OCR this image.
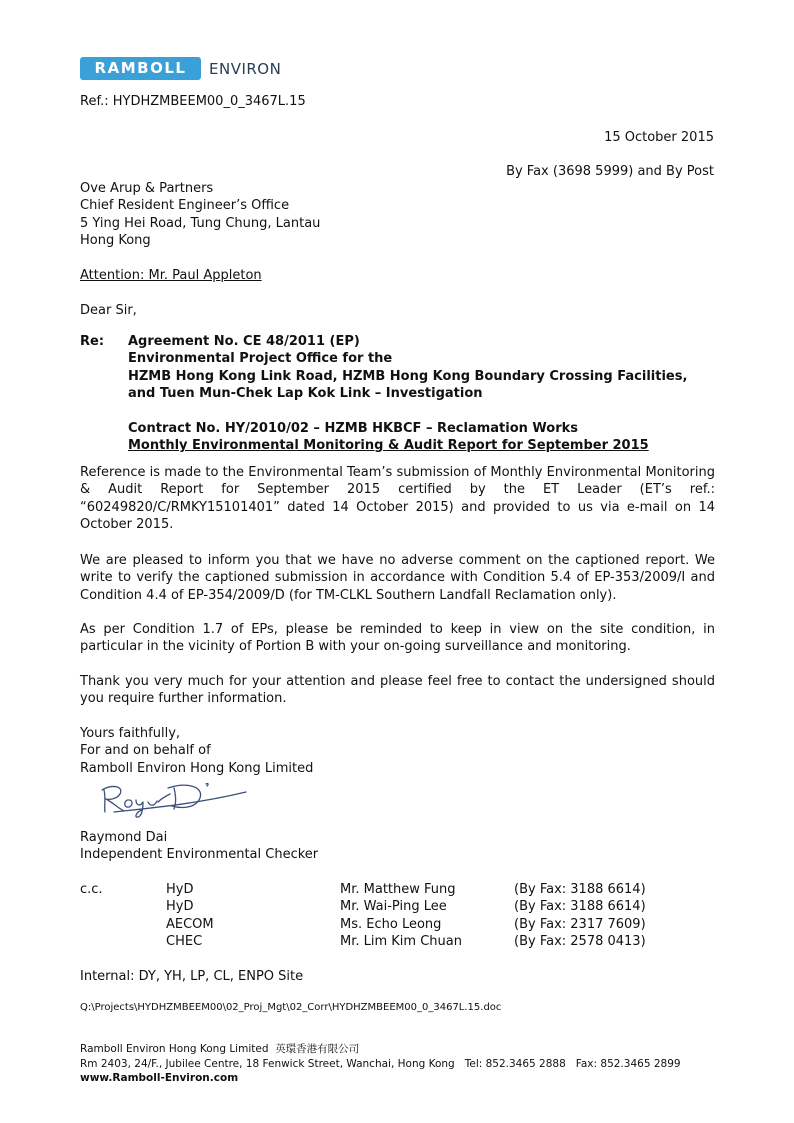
RAMBOLL	ENVIRON
Ref.: HYDHZMBEEM00_0_3467L.15
15 October 2015
By Fax (3698 5999) and By Post
Ove Arup & Partners
Chief Resident Engineer’s Office
5 Ying Hei Road, Tung Chung, Lantau
Hong Kong
Attention: Mr. Paul Appleton
Dear Sir,
Re: Agreement No. CE 48/2011 (EP)
Environmental Project Office for the
HZMB Hong Kong Link Road, HZMB Hong Kong Boundary Crossing Facilities,
and Tuen Mun-Chek Lap Kok Link – Investigation
Contract No. HY/2010/02 – HZMB HKBCF – Reclamation Works
Monthly Environmental Monitoring & Audit Report for September 2015
Reference is made to the Environmental Team’s submission of Monthly Environmental Monitoring & Audit Report for September 2015 certified by the ET Leader (ET’s ref.: “60249820/C/RMKY15101401” dated 14 October 2015) and provided to us via e-mail on 14 October 2015.
We are pleased to inform you that we have no adverse comment on the captioned report. We write to verify the captioned submission in accordance with Condition 5.4 of EP-353/2009/I and Condition 4.4 of EP-354/2009/D (for TM-CLKL Southern Landfall Reclamation only).
As per Condition 1.7 of EPs, please be reminded to keep in view on the site condition, in particular in the vicinity of Portion B with your on-going surveillance and monitoring.
Thank you very much for your attention and please feel free to contact the undersigned should you require further information.
Yours faithfully,
For and on behalf of
Ramboll Environ Hong Kong Limited
Raymond Dai
Independent Environmental Checker
c.c.	HyD
HyD
AECOM
CHEC
Mr. Matthew Fung
Mr. Wai-Ping Lee
Ms. Echo Leong
Mr. Lim Kim Chuan
(By Fax: 3188 6614)
(By Fax: 3188 6614)
(By Fax: 2317 7609)
(By Fax: 2578 0413)
Internal: DY, YH, LP, CL, ENPO Site
Q:\Projects\HYDHZMBEEM00\02_Proj_Mgt\02_Corr\HYDHZMBEEM00_0_3467L.15.doc
Ramboll Environ Hong Kong Limited 英環香港有限公司
Rm 2403, 24/F., Jubilee Centre, 18 Fenwick Street, Wanchai, Hong Kong Tel: 852.3465 2888 Fax: 852.3465 2899
www.Ramboll-Environ.com
